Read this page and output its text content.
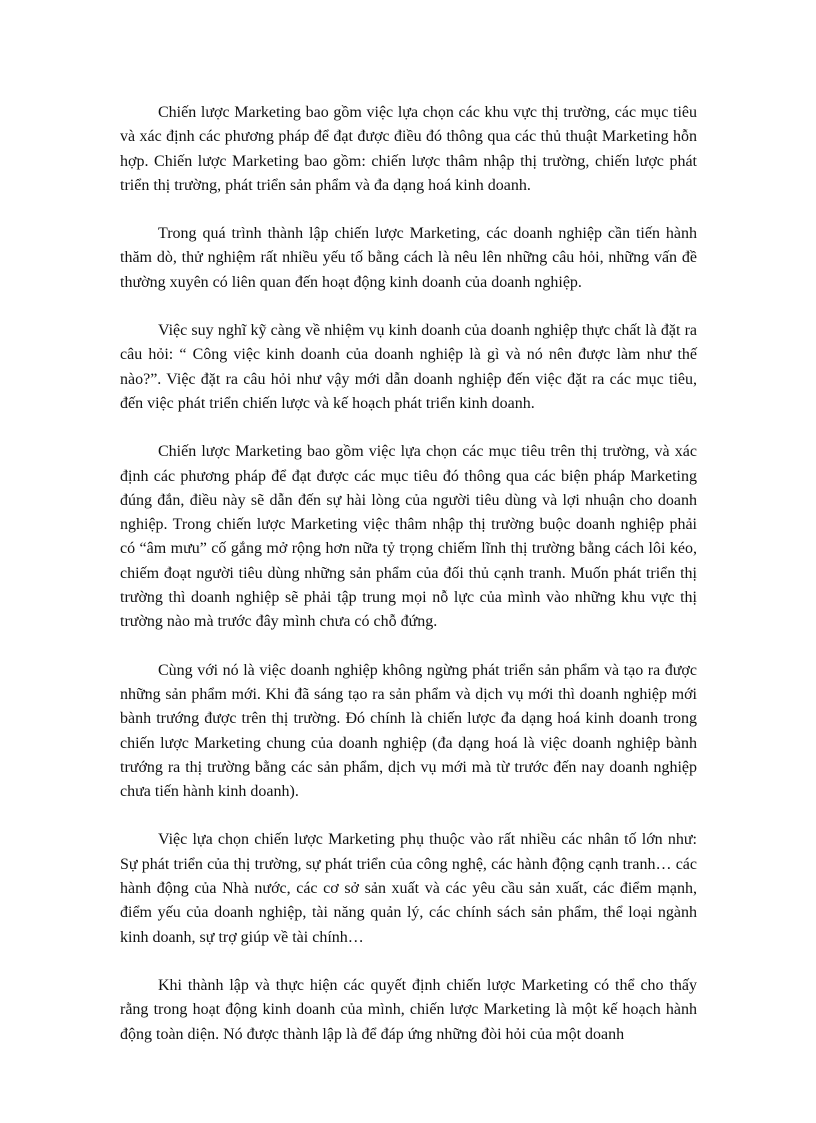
Chiến lược Marketing bao gồm việc lựa chọn các khu vực thị trường, các mục tiêu và xác định các phương pháp để đạt được điều đó thông qua các thủ thuật Marketing hỗn hợp. Chiến lược Marketing bao gồm: chiến lược thâm nhập thị trường, chiến lược phát triển thị trường, phát triển sản phẩm và đa dạng hoá kinh doanh.

Trong quá trình thành lập chiến lược Marketing, các doanh nghiệp cần tiến hành thăm dò, thử nghiệm rất nhiều yếu tố bằng cách là nêu lên những câu hỏi, những vấn đề thường xuyên có liên quan đến hoạt động kinh doanh của doanh nghiệp.

Việc suy nghĩ kỹ càng về nhiệm vụ kinh doanh của doanh nghiệp thực chất là đặt ra câu hỏi: “ Công việc kinh doanh của doanh nghiệp là gì và nó nên được làm như thế nào?”. Việc đặt ra câu hỏi như vậy mới dẫn doanh nghiệp đến việc đặt ra các mục tiêu, đến việc phát triển chiến lược và kế hoạch phát triển kinh doanh.

Chiến lược Marketing bao gồm việc lựa chọn các mục tiêu trên thị trường, và xác định các phương pháp để đạt được các mục tiêu đó thông qua các biện pháp Marketing đúng đắn, điều này sẽ dẫn đến sự hài lòng của người tiêu dùng và lợi nhuận cho doanh nghiệp. Trong chiến lược Marketing việc thâm nhập thị trường buộc doanh nghiệp phải có “âm mưu” cố gắng mở rộng hơn nữa tỷ trọng chiếm lĩnh thị trường bằng cách lôi kéo, chiếm đoạt người tiêu dùng những sản phẩm của đối thủ cạnh tranh. Muốn phát triển thị trường thì doanh nghiệp sẽ phải tập trung mọi nỗ lực của mình vào những khu vực thị trường nào mà trước đây mình chưa có chỗ đứng.

Cùng với nó là việc doanh nghiệp không ngừng phát triển sản phẩm và tạo ra được những sản phẩm mới. Khi đã sáng tạo ra sản phẩm và dịch vụ mới thì doanh nghiệp mới bành trướng được trên thị trường. Đó chính là chiến lược đa dạng hoá kinh doanh trong chiến lược Marketing chung của doanh nghiệp (đa dạng hoá là việc doanh nghiệp bành trướng ra thị trường bằng các sản phẩm, dịch vụ mới mà từ trước đến nay doanh nghiệp chưa tiến hành kinh doanh).

Việc lựa chọn chiến lược Marketing phụ thuộc vào rất nhiều các nhân tố lớn như: Sự phát triển của thị trường, sự phát triển của công nghệ, các hành động cạnh tranh… các hành động của Nhà nước, các cơ sở sản xuất và các yêu cầu sản xuất, các điểm mạnh, điểm yếu của doanh nghiệp, tài năng quản lý, các chính sách sản phẩm, thể loại ngành kinh doanh, sự trợ giúp về tài chính…

Khi thành lập và thực hiện các quyết định chiến lược Marketing có thể cho thấy rằng trong hoạt động kinh doanh của mình, chiến lược Marketing là một kế hoạch hành động toàn diện. Nó được thành lập là để đáp ứng những đòi hỏi của một doanh
